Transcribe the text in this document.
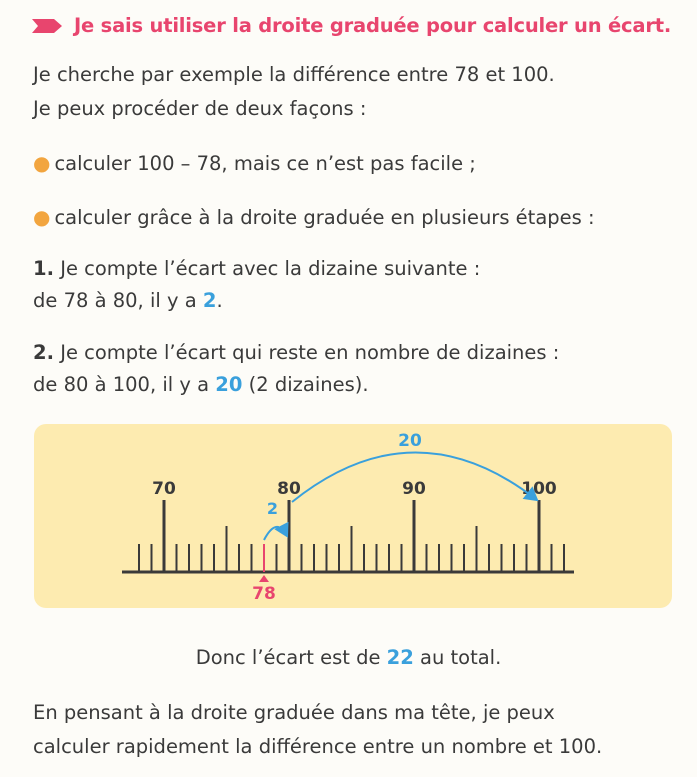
Je sais utiliser la droite graduée pour calculer un écart.
Je cherche par exemple la différence entre 78 et 100.
Je peux procéder de deux façons :
● calculer 100 – 78, mais ce n’est pas facile ;
● calculer grâce à la droite graduée en plusieurs étapes :
1. Je compte l’écart avec la dizaine suivante :
de 78 à 80, il y a 2.
2. Je compte l’écart qui reste en nombre de dizaines :
de 80 à 100, il y a 20 (2 dizaines).
70	80	90	100
78
2
20
Donc l’écart est de 22 au total.
En pensant à la droite graduée dans ma tête, je peux
calculer rapidement la différence entre un nombre et 100.
